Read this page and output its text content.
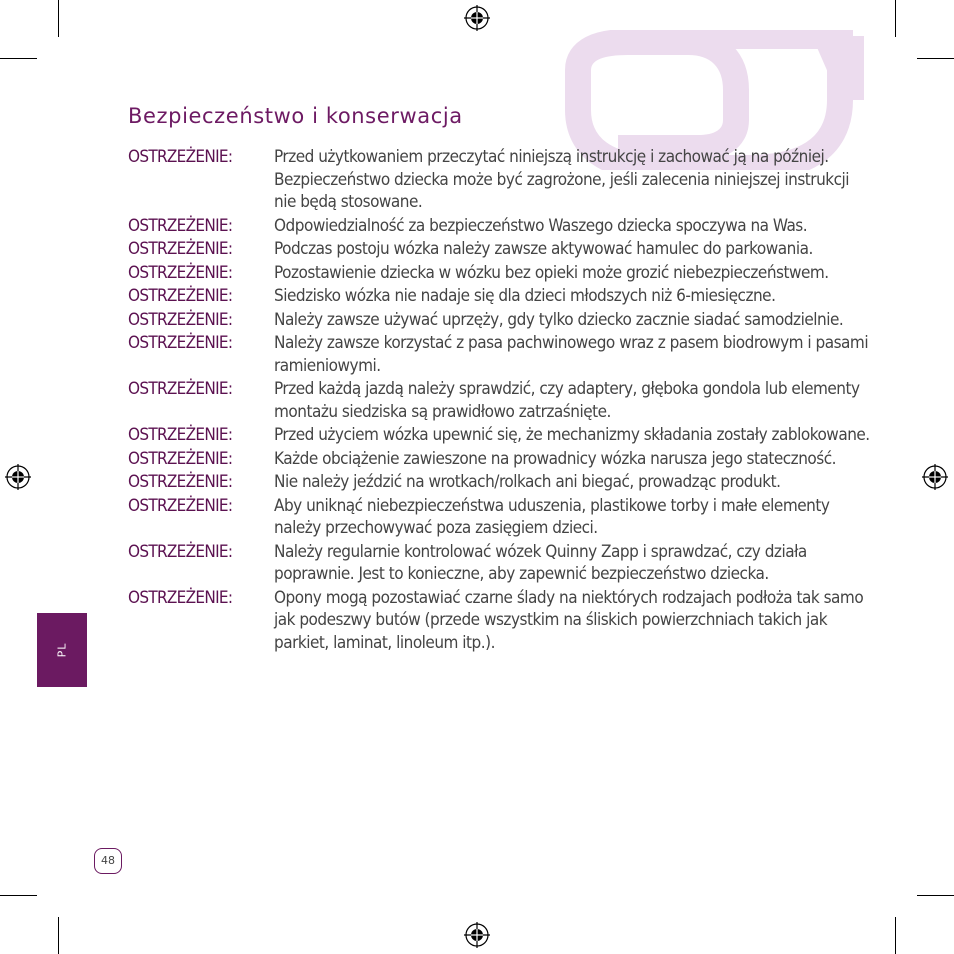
Bezpieczeństwo i konserwacja
OSTRZEŻENIE:	Przed użytkowaniem przeczytać niniejszą instrukcję i zachować ją na później. Bezpieczeństwo dziecka może być zagrożone, jeśli zalecenia niniejszej instrukcji nie będą stosowane.
OSTRZEŻENIE:	Odpowiedzialność za bezpieczeństwo Waszego dziecka spoczywa na Was.
OSTRZEŻENIE:	Podczas postoju wózka należy zawsze aktywować hamulec do parkowania.
OSTRZEŻENIE:	Pozostawienie dziecka w wózku bez opieki może grozić niebezpieczeństwem.
OSTRZEŻENIE:	Siedzisko wózka nie nadaje się dla dzieci młodszych niż 6-miesięczne.
OSTRZEŻENIE:	Należy zawsze używać uprzęży, gdy tylko dziecko zacznie siadać samodzielnie.
OSTRZEŻENIE:	Należy zawsze korzystać z pasa pachwinowego wraz z pasem biodrowym i pasami ramieniowymi.
OSTRZEŻENIE:	Przed każdą jazdą należy sprawdzić, czy adaptery, głęboka gondola lub elementy montażu siedziska są prawidłowo zatrzaśnięte.
OSTRZEŻENIE:	Przed użyciem wózka upewnić się, że mechanizmy składania zostały zablokowane.
OSTRZEŻENIE:	Każde obciążenie zawieszone na prowadnicy wózka narusza jego stateczność.
OSTRZEŻENIE:	Nie należy jeździć na wrotkach/rolkach ani biegać, prowadząc produkt.
OSTRZEŻENIE:	Aby uniknąć niebezpieczeństwa uduszenia, plastikowe torby i małe elementy należy przechowywać poza zasięgiem dzieci.
OSTRZEŻENIE:	Należy regularnie kontrolować wózek Quinny Zapp i sprawdzać, czy działa poprawnie. Jest to konieczne, aby zapewnić bezpieczeństwo dziecka.
OSTRZEŻENIE:	Opony mogą pozostawiać czarne ślady na niektórych rodzajach podłoża tak samo jak podeszwy butów (przede wszystkim na śliskich powierzchniach takich jak parkiet, laminat, linoleum itp.).
PL
48
